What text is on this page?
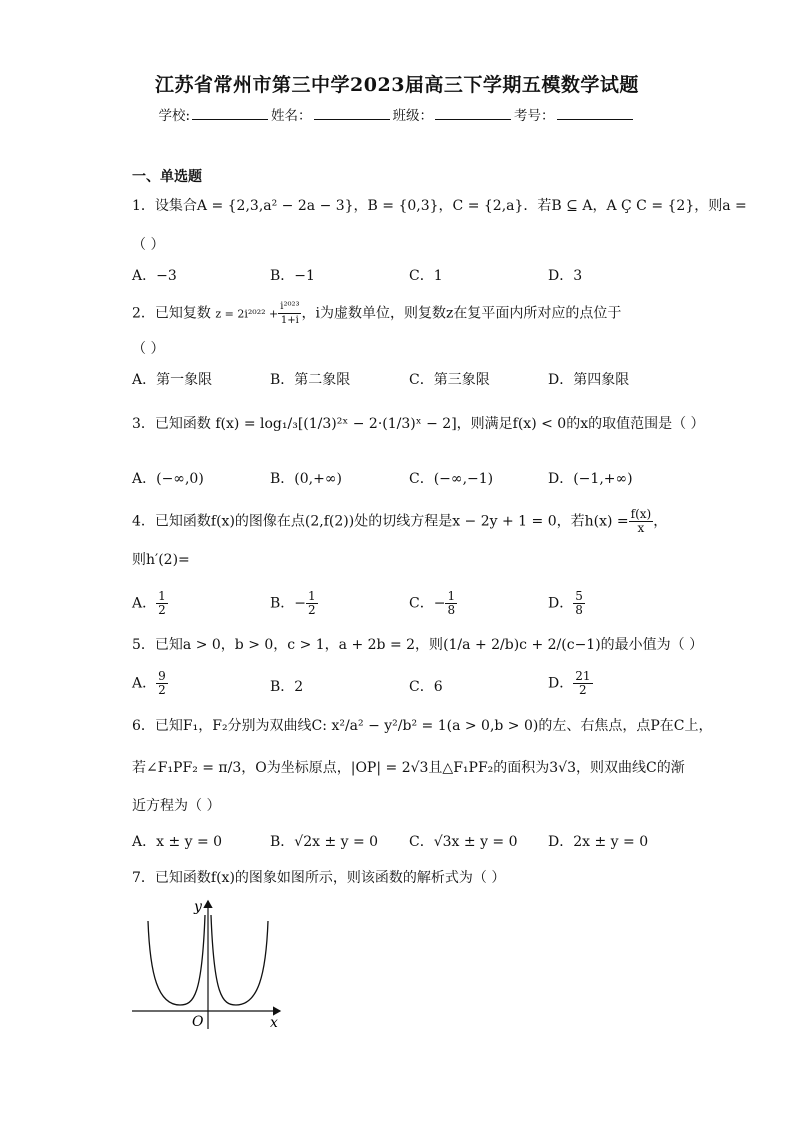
江苏省常州市第三中学2023届高三下学期五模数学试题
学校:	姓名：	班级：	考号：
一、单选题
1．设集合A = {2,3,a² − 2a − 3}，B = {0,3}，C = {2,a}．若B ⊆ A，A Ç C = {2}，则a =
（ ）
A．−3	B．−1	C．1	D．3
2．已知复数 $z = 2i^{2022} + \frac{\text{i²⁰²³}}{1+i}$ ，i为虚数单位，则复数z在复平面内所对应的点位于
（ ）
A．第一象限	B．第二象限	C．第三象限	D．第四象限
3．已知函数 f(x) = log₁/₃[(1/3)²ˣ − 2·(1/3)ˣ − 2]，则满足f(x) < 0的x的取值范围是（ ）
A．(−∞,0)	B．(0,+∞)	C．(−∞,−1)	D．(−1,+∞)
4．已知函数f(x)的图像在点(2,f(2))处的切线方程是x − 2y + 1 = 0，若$h(x) = \frac{f(x)}{x}$ ，
则h′(2)=
A． $\frac{1}{2}$	B．− $\frac{1}{2}$	C．− $\frac{1}{8}$	D． $\frac{5}{8}$
5．已知a > 0，b > 0，c > 1，a + 2b = 2，则(1/a + 2/b)c + 2/(c−1)的最小值为（ ）
A． $\frac{9}{2}$	B．2	C．6	D． $\frac{21}{2}$
6．已知F₁，F₂分别为双曲线C: x²/a² − y²/b² = 1(a > 0,b > 0)的左、右焦点，点P在C上，
若∠F₁PF₂ = π/3，O为坐标原点，|OP| = 2√3且△F₁PF₂的面积为3√3，则双曲线C的渐
近方程为（ ）
A．x ± y = 0	B．√2x ± y = 0 C．√3x ± y = 0 D．2x ± y = 0
7．已知函数f(x)的图象如图所示，则该函数的解析式为（ ）
y
x
O
